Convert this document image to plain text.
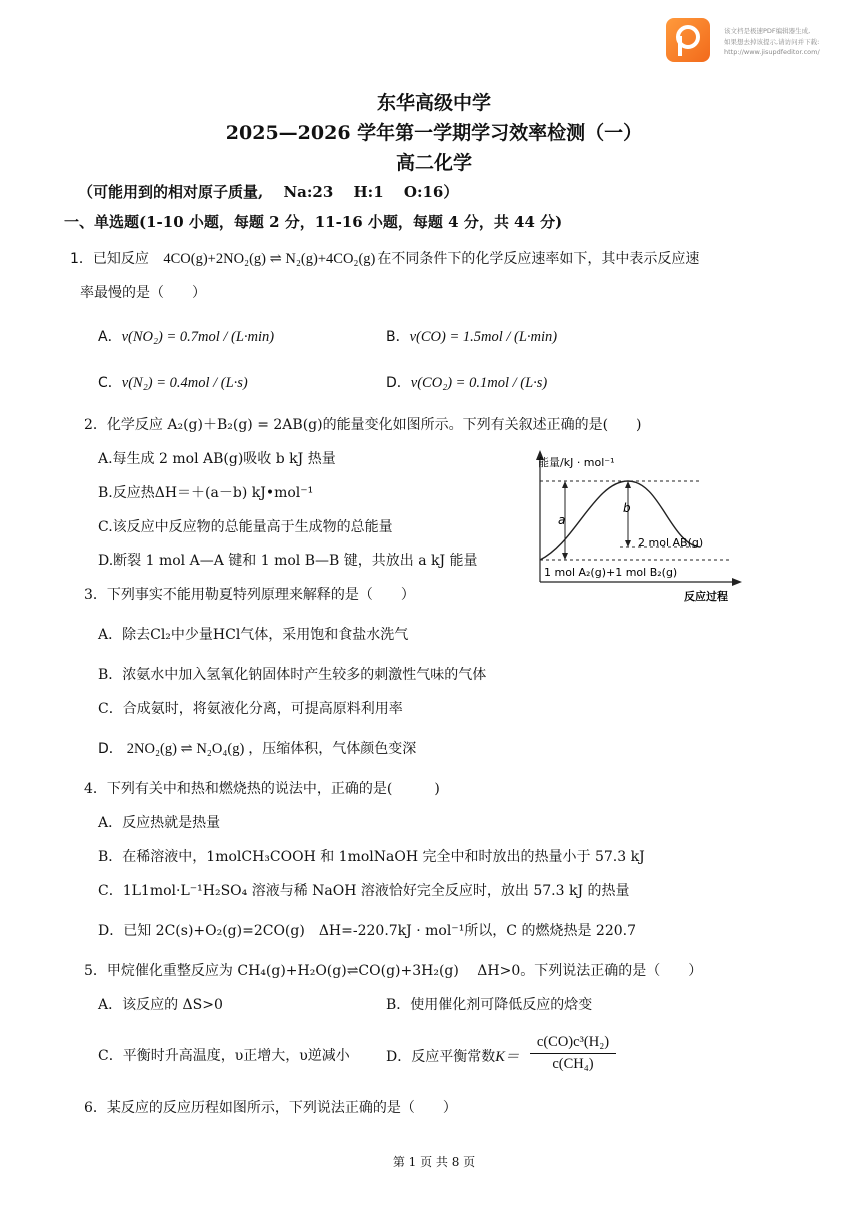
该文档是极速PDF编辑器生成,
如果想去掉该提示,请访问并下载:
http://www.jisupdfeditor.com/
东华高级中学
2025—2026 学年第一学期学习效率检测（一）
高二化学
（可能用到的相对原子质量,　 Na:23　 H:1　 O:16）
一、单选题(1-10 小题，每题 2 分，11-16 小题，每题 4 分，共 44 分)
1．已知反应 4CO(g)+2NO₂(g) ⇌ N₂(g)+4CO₂(g) 在不同条件下的化学反应速率如下，其中表示反应速
率最慢的是（　　）
A．v(NO₂) = 0.7mol / (L·min)	B．v(CO) = 1.5mol / (L·min)
C．v(N₂) = 0.4mol / (L·s)	D．v(CO₂) = 0.1mol / (L·s)
2．化学反应 A₂(g)＋B₂(g) = 2AB(g)的能量变化如图所示。下列有关叙述正确的是(　　)
A.每生成 2 mol AB(g)吸收 b kJ 热量
B.反应热ΔH＝＋(a－b) kJ•mol⁻¹
C.该反应中反应物的总能量高于生成物的总能量
D.断裂 1 mol A—A 键和 1 mol B—B 键，共放出 a kJ 能量
能量/kJ · mol⁻¹
a
b
2 mol AB(g)
1 mol A₂(g)+1 mol B₂(g)
反应过程
3．下列事实不能用勒夏特列原理来解释的是（　　）
A．除去Cl₂中少量HCl气体，采用饱和食盐水洗气
B．浓氨水中加入氢氧化钠固体时产生较多的刺激性气味的气体
C．合成氨时，将氨液化分离，可提高原料利用率
D． 2NO₂(g) ⇌ N₂O₄(g) ，压缩体积，气体颜色变深
4．下列有关中和热和燃烧热的说法中，正确的是(　　　)
A．反应热就是热量
B．在稀溶液中，1molCH₃COOH 和 1molNaOH 完全中和时放出的热量小于 57.3 kJ
C．1L1mol·L⁻¹H₂SO₄ 溶液与稀 NaOH 溶液恰好完全反应时，放出 57.3 kJ 的热量
D．已知 2C(s)+O₂(g)=2CO(g)　ΔH=-220.7kJ · mol⁻¹所以，C 的燃烧热是 220.7
5．甲烷催化重整反应为 CH₄(g)+H₂O(g)⇌CO(g)+3H₂(g)　 ΔH>0。下列说法正确的是（　　）
A．该反应的 ΔS>0	B．使用催化剂可降低反应的焓变
C．平衡时升高温度，υ正增大，υ逆减小	D．反应平衡常数$K= \frac{\text{c(CO)c³(H₂)}}{\text{c(CH₄)}}$
6．某反应的反应历程如图所示，下列说法正确的是（　　）
第 1 页 共 8 页
